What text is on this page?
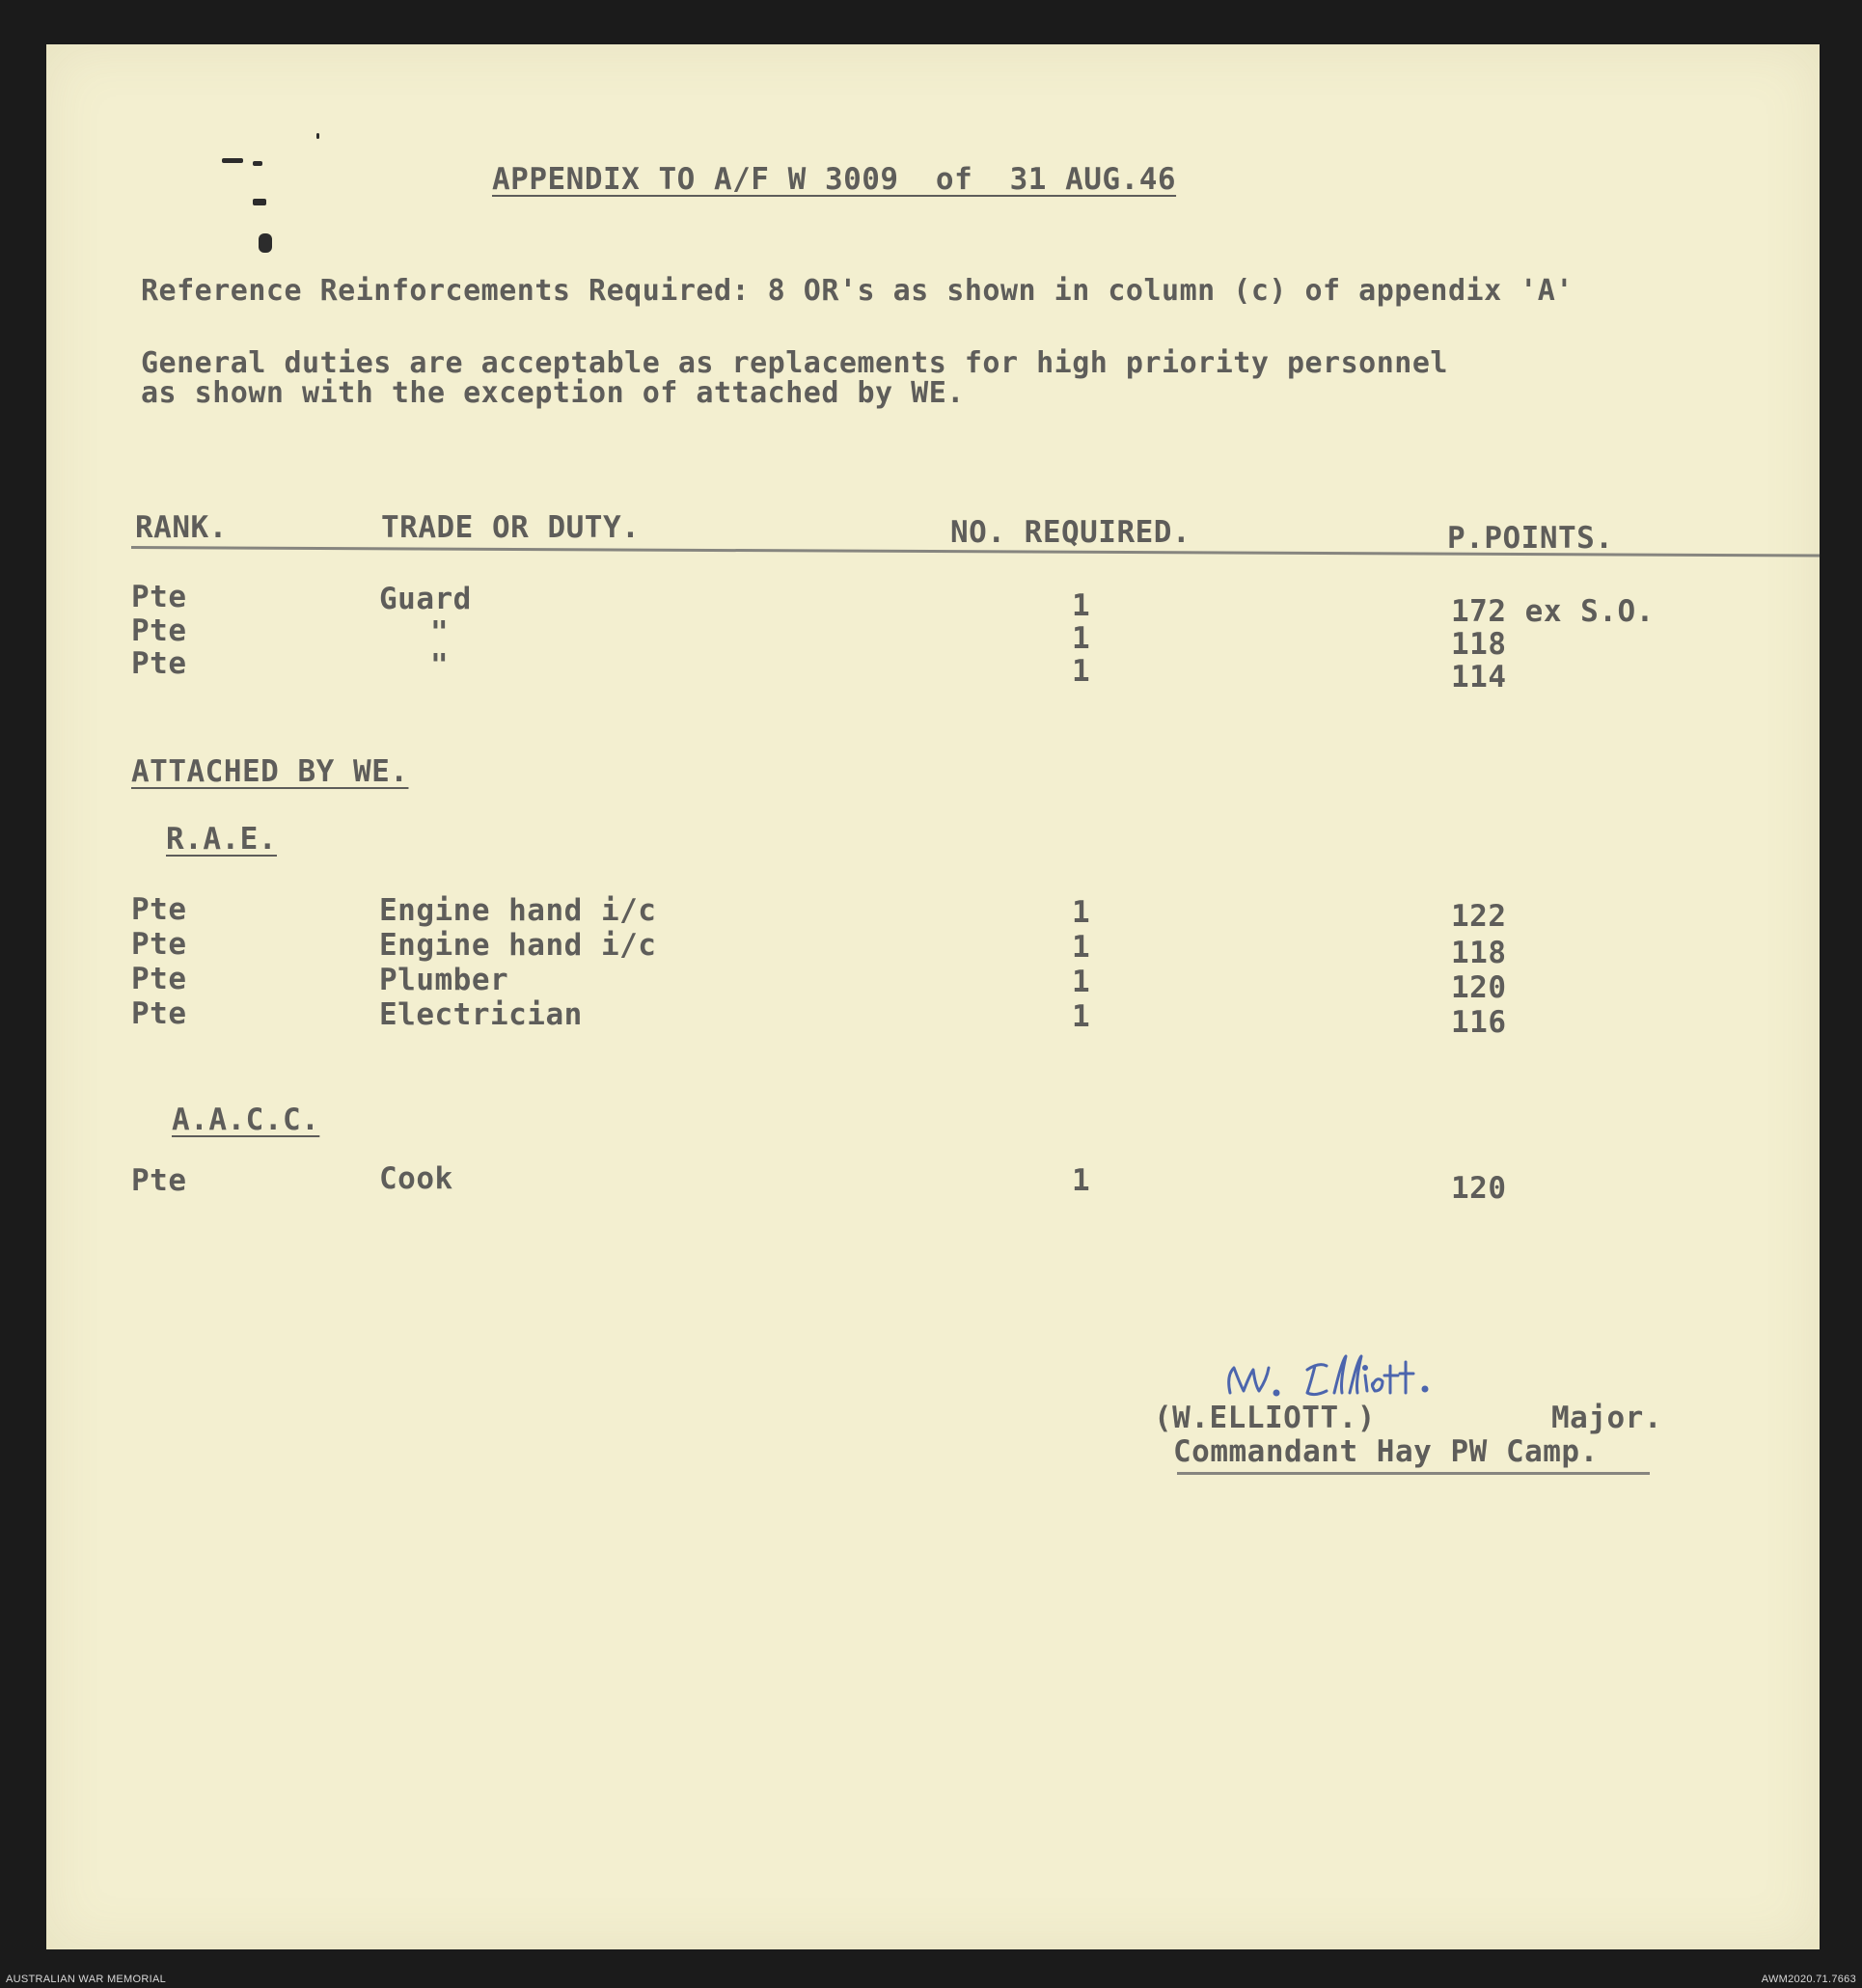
APPENDIX TO A/F W 3009  of  31 AUG.46
Reference Reinforcements Required: 8 OR's as shown in column (c) of appendix 'A'
General duties are acceptable as replacements for high priority personnel
as shown with the exception of attached by WE.
RANK.	TRADE OR DUTY.	NO. REQUIRED.	P.POINTS.
Pte	Guard	1	172 ex S.O.
Pte	"	1	118
Pte	"	1	114
ATTACHED BY WE.
R.A.E.
Pte	Engine hand i/c	1	122
Pte	Engine hand i/c	1	118
Pte	Plumber	1	120
Pte	Electrician	1	116
A.A.C.C.
Pte	Cook	1	120
(W.ELLIOTT.)	Major.
Commandant Hay PW Camp.
AUSTRALIAN WAR MEMORIAL	AWM2020.71.7663
